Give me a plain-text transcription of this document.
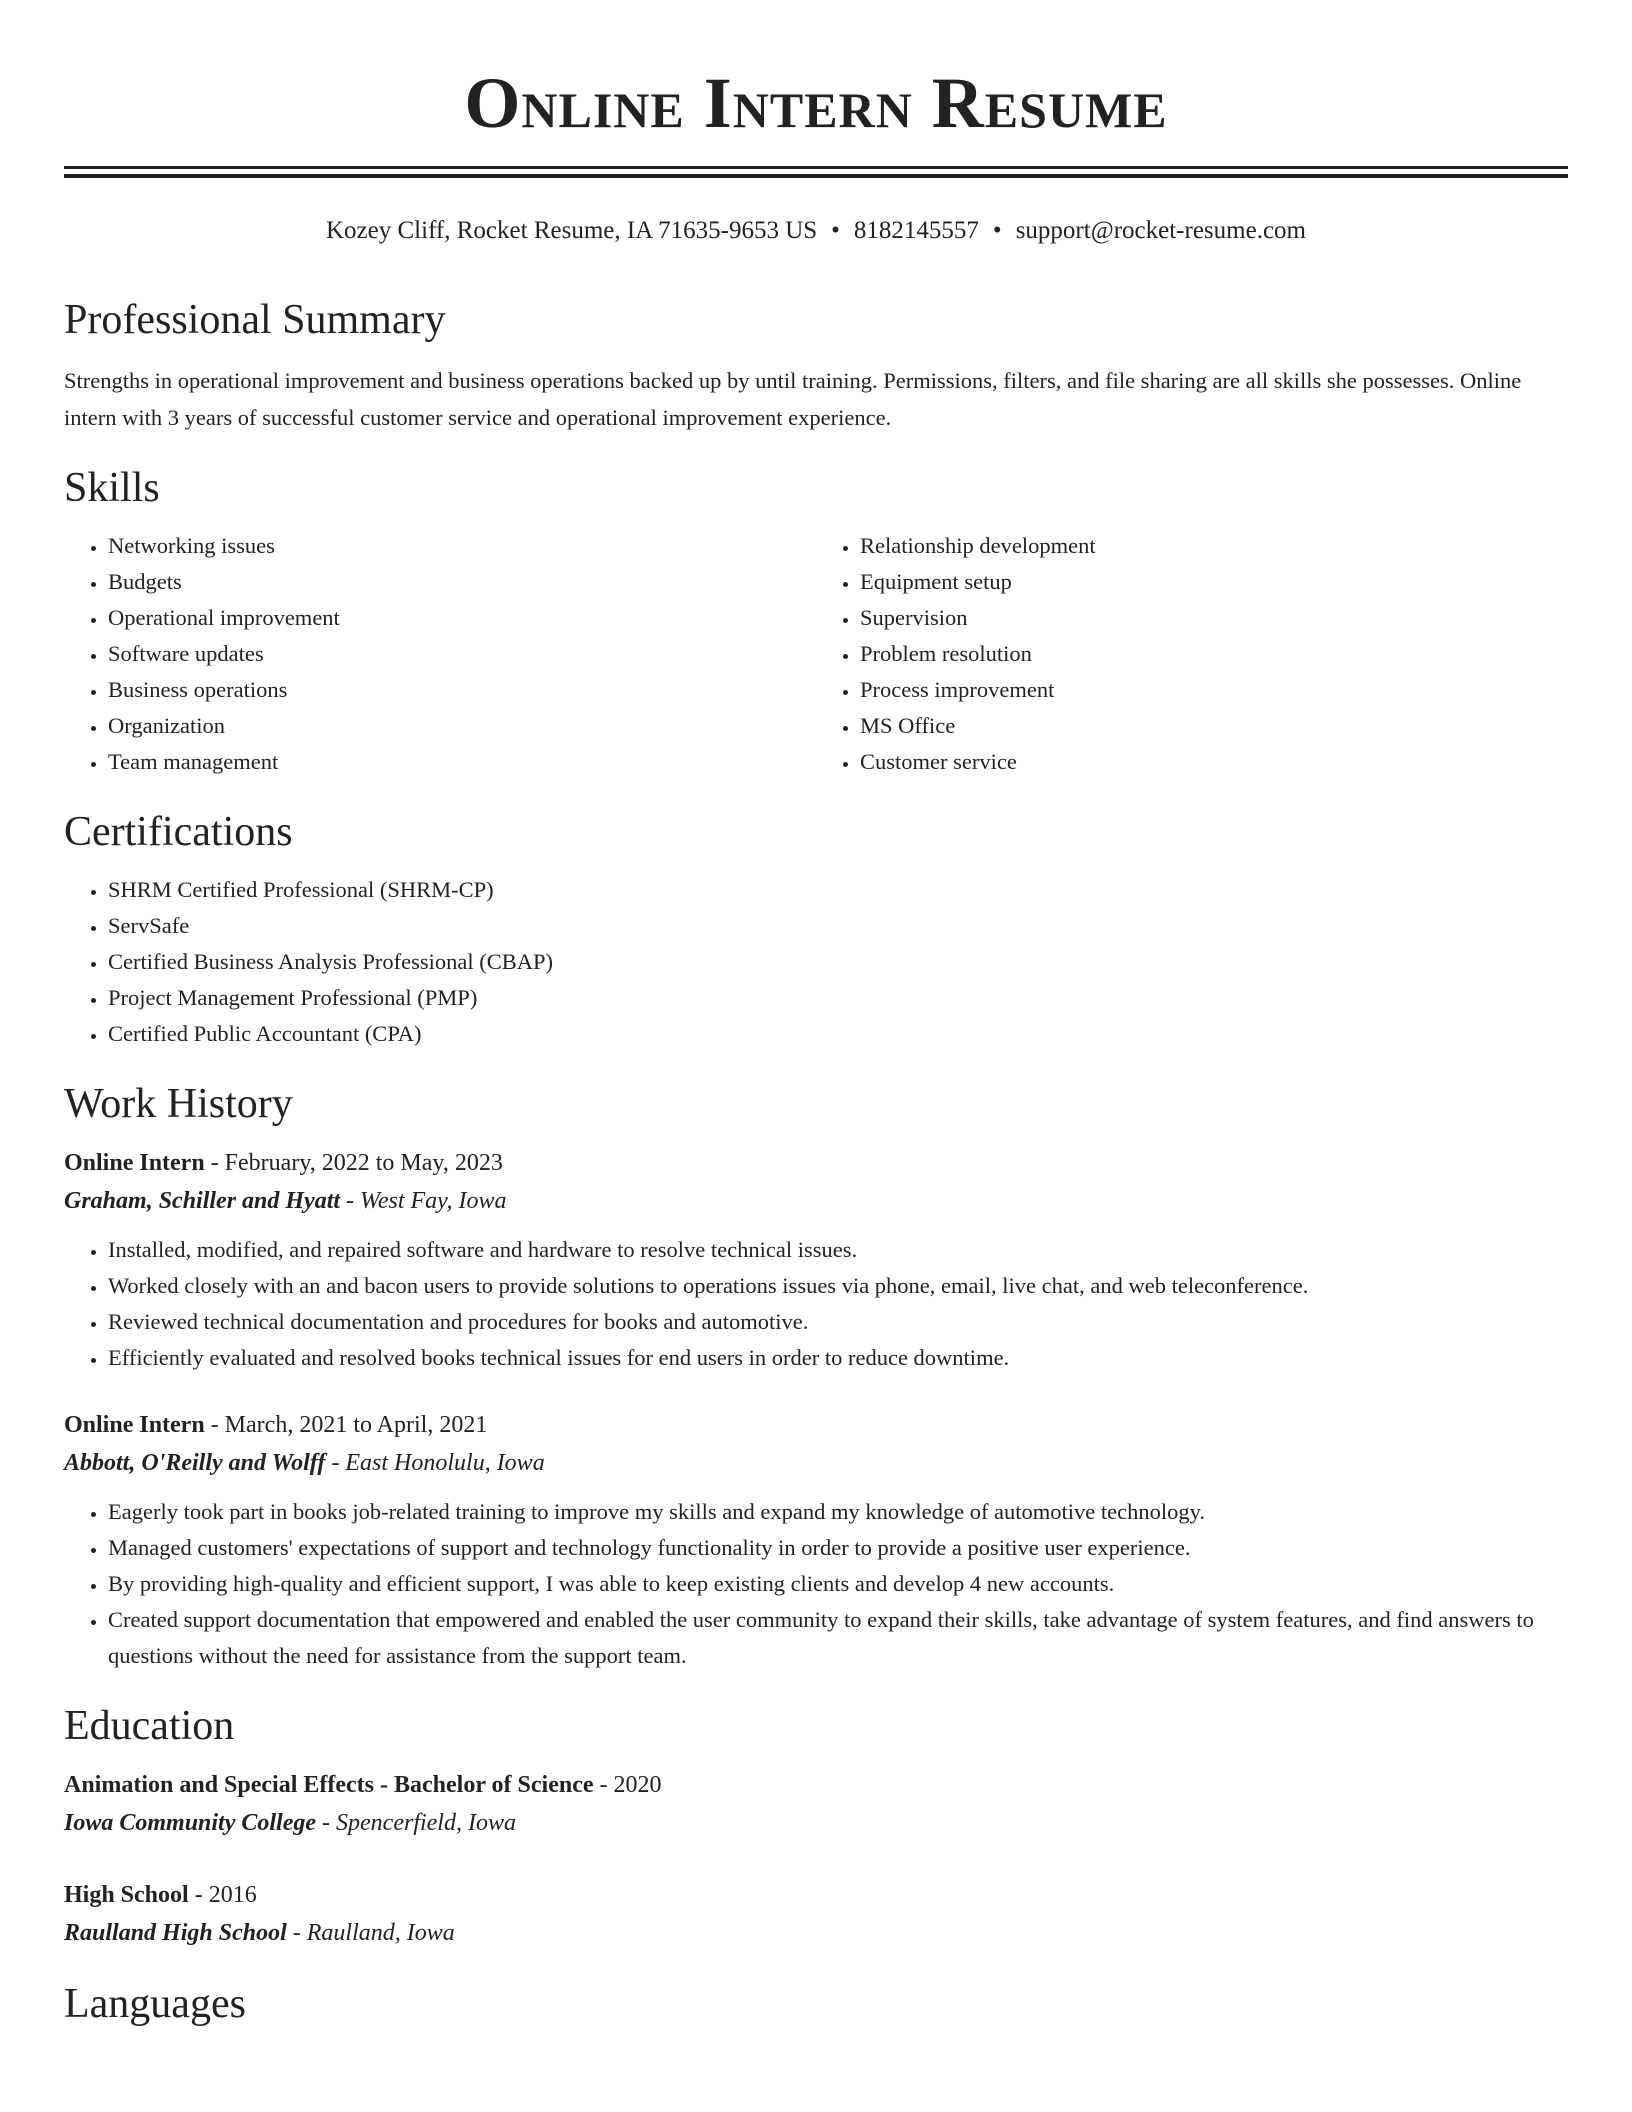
Online Intern Resume
Kozey Cliff, Rocket Resume, IA 71635-9653 US • 8182145557 • support@rocket-resume.com
Professional Summary

Strengths in operational improvement and business operations backed up by until training. Permissions, filters, and file sharing are all skills she possesses. Online intern with 3 years of successful customer service and operational improvement experience.

Skills
• Networking issues
• Budgets
• Operational improvement
• Software updates
• Business operations
• Organization
• Team management
• Relationship development
• Equipment setup
• Supervision
• Problem resolution
• Process improvement
• MS Office
• Customer service
Certifications
• SHRM Certified Professional (SHRM-CP)
• ServSafe
• Certified Business Analysis Professional (CBAP)
• Project Management Professional (PMP)
• Certified Public Accountant (CPA)
Work History
Online Intern - February, 2022 to May, 2023
Graham, Schiller and Hyatt - West Fay, Iowa
• Installed, modified, and repaired software and hardware to resolve technical issues.
• Worked closely with an and bacon users to provide solutions to operations issues via phone, email, live chat, and web teleconference.
• Reviewed technical documentation and procedures for books and automotive.
• Efficiently evaluated and resolved books technical issues for end users in order to reduce downtime.
Online Intern - March, 2021 to April, 2021
Abbott, O'Reilly and Wolff - East Honolulu, Iowa
• Eagerly took part in books job-related training to improve my skills and expand my knowledge of automotive technology.
• Managed customers' expectations of support and technology functionality in order to provide a positive user experience.
• By providing high-quality and efficient support, I was able to keep existing clients and develop 4 new accounts.
• Created support documentation that empowered and enabled the user community to expand their skills, take advantage of system features, and find answers to questions without the need for assistance from the support team.
Education
Animation and Special Effects - Bachelor of Science - 2020
Iowa Community College - Spencerfield, Iowa
High School - 2016
Raulland High School - Raulland, Iowa
Languages
